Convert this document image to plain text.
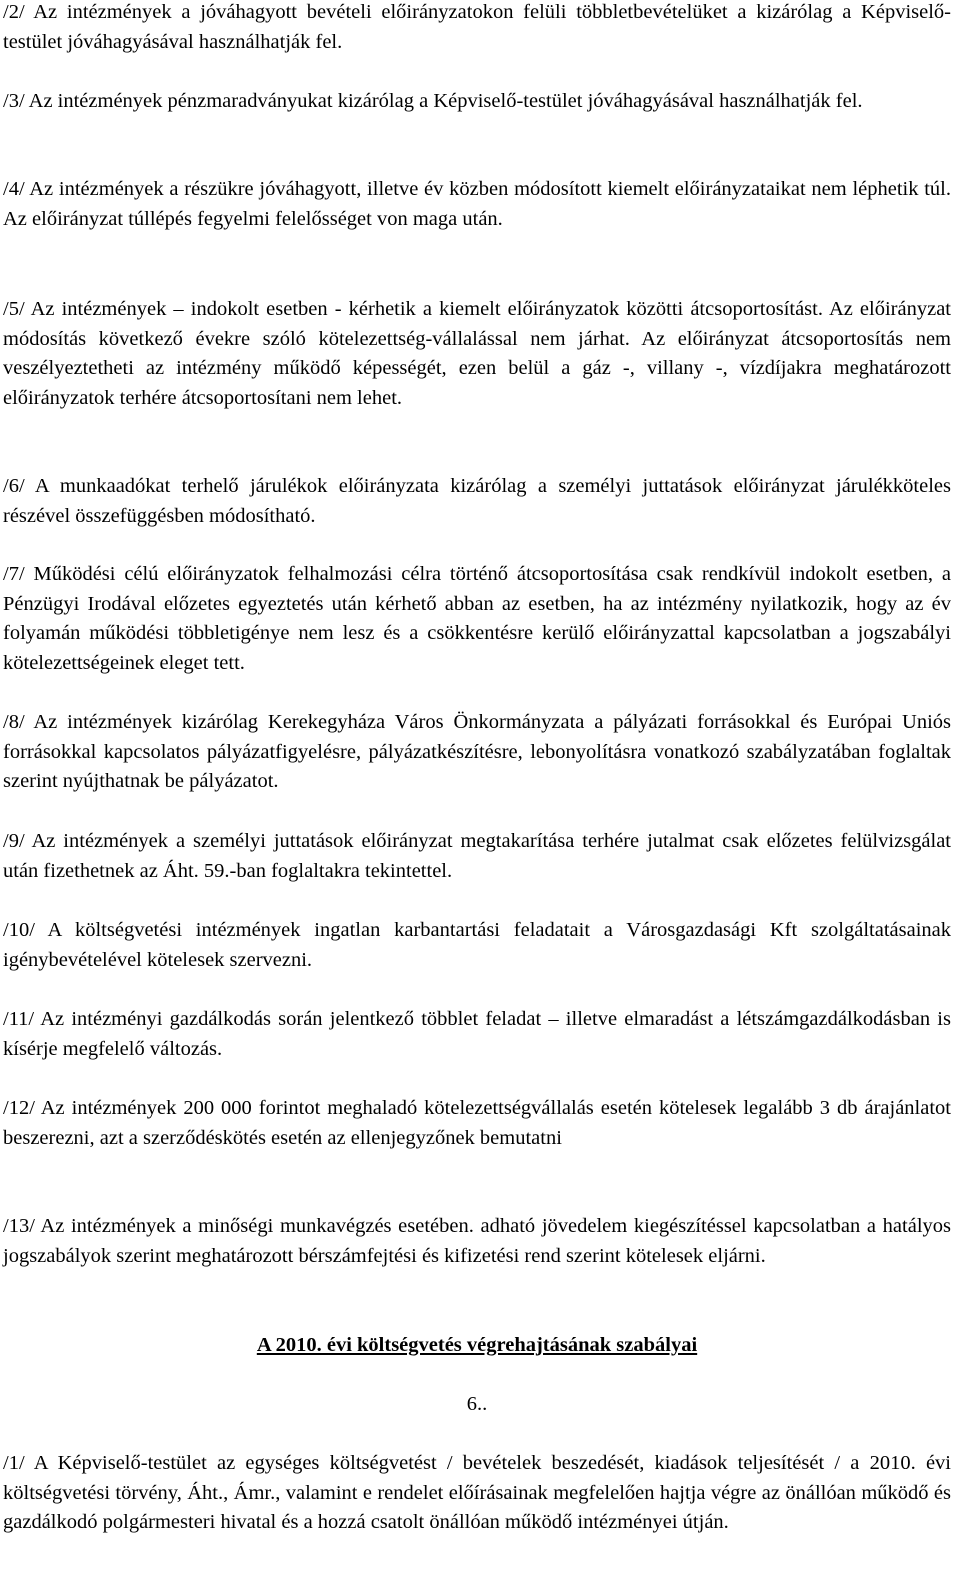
/2/ Az intézmények a jóváhagyott bevételi előirányzatokon felüli többletbevételüket a kizárólag a Képviselő-testület jóváhagyásával használhatják fel.

/3/ Az intézmények pénzmaradványukat kizárólag a Képviselő-testület jóváhagyásával használhatják fel.

/4/ Az intézmények a részükre jóváhagyott, illetve év közben módosított kiemelt előirányzataikat nem léphetik túl. Az előirányzat túllépés fegyelmi felelősséget von maga után.

/5/ Az intézmények – indokolt esetben - kérhetik a kiemelt előirányzatok közötti átcsoportosítást. Az előirányzat módosítás következő évekre szóló kötelezettség-vállalással nem járhat. Az előirányzat átcsoportosítás nem veszélyeztetheti az intézmény működő képességét, ezen belül a gáz -, villany -, vízdíjakra meghatározott előirányzatok terhére átcsoportosítani nem lehet.

/6/ A munkaadókat terhelő járulékok előirányzata kizárólag a személyi juttatások előirányzat járulékköteles részével összefüggésben módosítható.

/7/ Működési célú előirányzatok felhalmozási célra történő átcsoportosítása csak rendkívül indokolt esetben, a Pénzügyi Irodával előzetes egyeztetés után kérhető abban az esetben, ha az intézmény nyilatkozik, hogy az év folyamán működési többletigénye nem lesz és a csökkentésre kerülő előirányzattal kapcsolatban a jogszabályi kötelezettségeinek eleget tett.

/8/ Az intézmények kizárólag Kerekegyháza Város Önkormányzata a pályázati forrásokkal és Európai Uniós forrásokkal kapcsolatos pályázatfigyelésre, pályázatkészítésre, lebonyolításra vonatkozó szabályzatában foglaltak szerint nyújthatnak be pályázatot.

/9/ Az intézmények a személyi juttatások előirányzat megtakarítása terhére jutalmat csak előzetes felülvizsgálat után fizethetnek az Áht. 59.-ban foglaltakra tekintettel.

/10/ A költségvetési intézmények ingatlan karbantartási feladatait a Városgazdasági Kft szolgáltatásainak igénybevételével kötelesek szervezni.

/11/ Az intézményi gazdálkodás során jelentkező többlet feladat – illetve elmaradást a létszámgazdálkodásban is kísérje megfelelő változás.

/12/ Az intézmények 200 000 forintot meghaladó kötelezettségvállalás esetén kötelesek legalább 3 db árajánlatot beszerezni, azt a szerződéskötés esetén az ellenjegyzőnek bemutatni

/13/ Az intézmények a minőségi munkavégzés esetében. adható jövedelem kiegészítéssel kapcsolatban a hatályos jogszabályok szerint meghatározott bérszámfejtési és kifizetési rend szerint kötelesek eljárni.

A 2010. évi költségvetés végrehajtásának szabályai

6..

/1/ A Képviselő-testület az egységes költségvetést / bevételek beszedését, kiadások teljesítését / a 2010. évi költségvetési törvény, Áht., Ámr., valamint e rendelet előírásainak megfelelően hajtja végre az önállóan működő és gazdálkodó polgármesteri hivatal és a hozzá csatolt önállóan működő intézményei útján.
